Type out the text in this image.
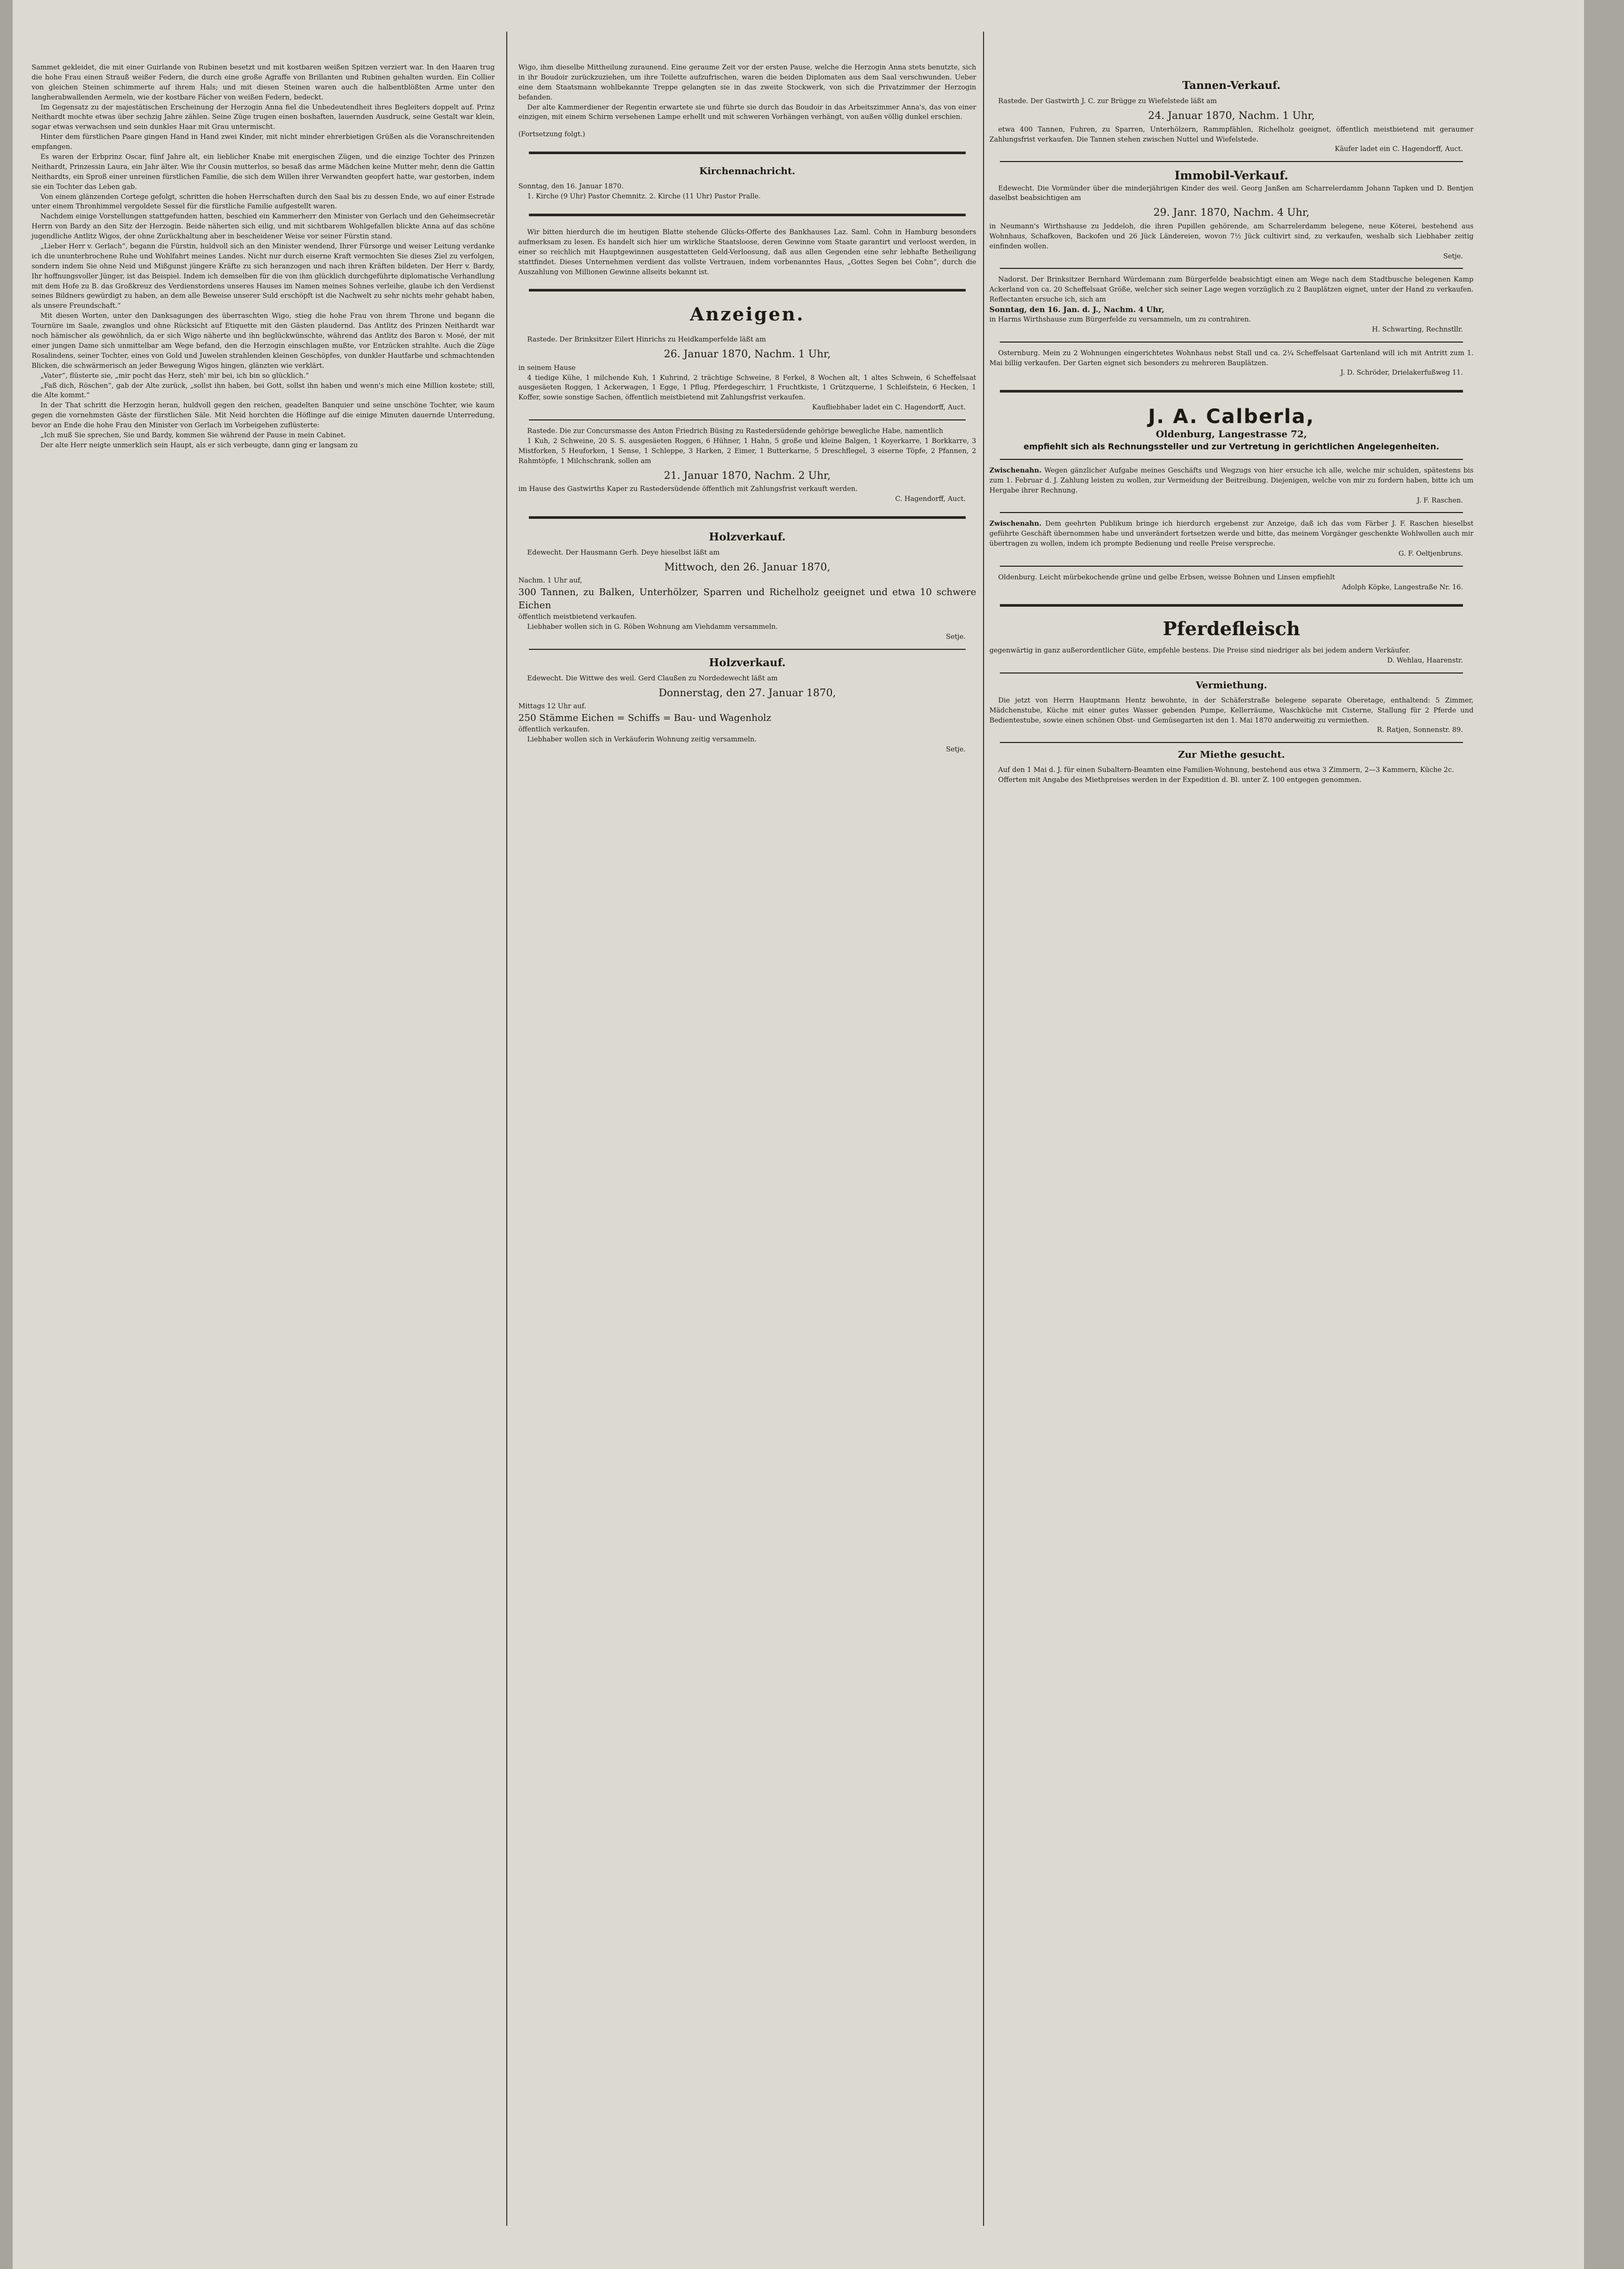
Sammet gekleidet, die mit einer Guirlande von Rubinen besetzt und mit kostbaren weißen Spitzen verziert war. In den Haaren trug die hohe Frau einen Strauß weißer Federn, die durch eine große Agraffe von Brillanten und Rubinen gehalten wurden. Ein Collier von gleichen Steinen schimmerte auf ihrem Hals; und mit diesen Steinen waren auch die halbentblößten Arme unter den langherabwallenden Aermeln, wie der kostbare Fächer von weißen Federn, bedeckt.

Im Gegensatz zu der majestätischen Erscheinung der Herzogin Anna fiel die Unbedeutendheit ihres Begleiters doppelt auf. Prinz Neithardt mochte etwas über sechzig Jahre zählen. Seine Züge trugen einen boshaften, lauernden Ausdruck, seine Gestalt war klein, sogar etwas verwachsen und sein dunkles Haar mit Grau untermischt.

Hinter dem fürstlichen Paare gingen Hand in Hand zwei Kinder, mit nicht minder ehrerbietigen Grüßen als die Voranschreitenden empfangen.

Es waren der Erbprinz Oscar, fünf Jahre alt, ein lieblicher Knabe mit energischen Zügen, und die einzige Tochter des Prinzen Neithardt, Prinzessin Laura, ein Jahr älter. Wie ihr Cousin mutterlos, so besaß das arme Mädchen keine Mutter mehr, denn die Gattin Neithardts, ein Sproß einer unreinen fürstlichen Familie, die sich dem Willen ihrer Verwandten geopfert hatte, war gestorben, indem sie ein Tochter das Leben gab.

Von einem glänzenden Cortege gefolgt, schritten die hohen Herrschaften durch den Saal bis zu dessen Ende, wo auf einer Estrade unter einem Thronhimmel vergoldete Sessel für die fürstliche Familie aufgestellt waren.

Nachdem einige Vorstellungen stattgefunden hatten, beschied ein Kammerherr den Minister von Gerlach und den Geheimsecretär Herrn von Bardy an den Sitz der Herzogin. Beide näherten sich eilig, und mit sichtbarem Wohlgefallen blickte Anna auf das schöne jugendliche Antlitz Wigos, der ohne Zurückhaltung aber in bescheidener Weise vor seiner Fürstin stand.

„Lieber Herr v. Gerlach“, begann die Fürstin, huldvoll sich an den Minister wendend, Ihrer Fürsorge und weiser Leitung verdanke ich die ununterbrochene Ruhe und Wohlfahrt meines Landes. Nicht nur durch eiserne Kraft vermochten Sie dieses Ziel zu verfolgen, sondern indem Sie ohne Neid und Mißgunst jüngere Kräfte zu sich heranzogen und nach ihren Kräften bildeten. Der Herr v. Bardy, Ihr hoffnungsvoller Jünger, ist das Beispiel. Indem ich demselben für die von ihm glücklich durchgeführte diplomatische Verhandlung mit dem Hofe zu B. das Großkreuz des Verdienstordens unseres Hauses im Namen meines Sohnes verleihe, glaube ich den Verdienst seines Bildners gewürdigt zu haben, an dem alle Beweise unserer Suld erschöpft ist die Nachwelt zu sehr nichts mehr gehabt haben, als unsere Freundschaft.“

Mit diesen Worten, unter den Danksagungen des überraschten Wigo, stieg die hohe Frau von ihrem Throne und begann die Tournüre im Saale, zwanglos und ohne Rücksicht auf Etiquette mit den Gästen plaudernd. Das Antlitz des Prinzen Neithardt war noch hämischer als gewöhnlich, da er sich Wigo näherte und ihn beglückwünschte, während das Antlitz des Baron v. Mosé, der mit einer jungen Dame sich unmittelbar am Wege befand, den die Herzogin einschlagen mußte, vor Entzücken strahlte. Auch die Züge Rosalindens, seiner Tochter, eines von Gold und Juwelen strahlenden kleinen Geschöpfes, von dunkler Hautfarbe und schmachtenden Blicken, die schwärmerisch an jeder Bewegung Wigos hingen, glänzten wie verklärt.

„Vater“, flüsterte sie, „mir pocht das Herz, steh' mir bei, ich bin so glücklich.“

„Faß dich, Röschen“, gab der Alte zurück, „sollst ihn haben, bei Gott, sollst ihn haben und wenn's mich eine Million kostete; still, die Alte kommt.“

In der That schritt die Herzogin heran, huldvoll gegen den reichen, geadelten Banquier und seine unschöne Tochter, wie kaum gegen die vornehmsten Gäste der fürstlichen Säle. Mit Neid horchten die Höflinge auf die einige Minuten dauernde Unterredung, bevor an Ende die hohe Frau den Minister von Gerlach im Vorbeigehen zuflüsterte:

„Ich muß Sie sprechen, Sie und Bardy, kommen Sie während der Pause in mein Cabinet.

Der alte Herr neigte unmerklich sein Haupt, als er sich verbeugte, dann ging er langsam zu

Wigo, ihm dieselbe Mittheilung zuraunend. Eine geraume Zeit vor der ersten Pause, welche die Herzogin Anna stets benutzte, sich in ihr Boudoir zurückzuziehen, um ihre Toilette aufzufrischen, waren die beiden Diplomaten aus dem Saal verschwunden. Ueber eine dem Staatsmann wohlbekannte Treppe gelangten sie in das zweite Stockwerk, von sich die Privatzimmer der Herzogin befanden.

Der alte Kammerdiener der Regentin erwartete sie und führte sie durch das Boudoir in das Arbeitszimmer Anna's, das von einer einzigen, mit einem Schirm versehenen Lampe erhellt und mit schweren Vorhängen verhängt, von außen völlig dunkel erschien.

(Fortsetzung folgt.)

Kirchennachricht.

Sonntag, den 16. Januar 1870.

1. Kirche (9 Uhr) Pastor Chemnitz. 2. Kirche (11 Uhr) Pastor Pralle.

Wir bitten hierdurch die im heutigen Blatte stehende Glücks-Offerte des Bankhauses Laz. Saml. Cohn in Hamburg besonders aufmerksam zu lesen. Es handelt sich hier um wirkliche Staatsloose, deren Gewinne vom Staate garantirt und verloost werden, in einer so reichlich mit Hauptgewinnen ausgestatteten Geld-Verloosung, daß aus allen Gegenden eine sehr lebhafte Betheiligung stattfindet. Dieses Unternehmen verdient das vollste Vertrauen, indem vorbenanntes Haus, „Gottes Segen bei Cohn“, durch die Auszahlung von Millionen Gewinne allseits bekannt ist.

Anzeigen.

Rastede. Der Brinksitzer Eilert Hinrichs zu Heidkamperfelde läßt am

26. Januar 1870, Nachm. 1 Uhr,

in seinem Hause

4 tiedige Kühe, 1 milchende Kuh, 1 Kuhrind, 2 trächtige Schweine, 8 Ferkel, 8 Wochen alt, 1 altes Schwein, 6 Scheffelsaat ausgesäeten Roggen, 1 Ackerwagen, 1 Egge, 1 Pflug, Pferdegeschirr, 1 Fruchtkiste, 1 Grützquerne, 1 Schleifstein, 6 Hecken, 1 Koffer, sowie sonstige Sachen, öffentlich meistbietend mit Zahlungsfrist verkaufen.

Kaufliebhaber ladet ein C. Hagendorff, Auct.

Rastede. Die zur Concursmasse des Anton Friedrich Büsing zu Rastedersüdende gehörige bewegliche Habe, namentlich

1 Kuh, 2 Schweine, 20 S. S. ausgesäeten Roggen, 6 Hühner, 1 Hahn, 5 große und kleine Balgen, 1 Koyerkarre, 1 Borkkarre, 3 Mistforken, 5 Heuforken, 1 Sense, 1 Schleppe, 3 Harken, 2 Eimer, 1 Butterkarne, 5 Dreschflegel, 3 eiserne Töpfe, 2 Pfannen, 2 Rahmtöpfe, 1 Milchschrank, sollen am

21. Januar 1870, Nachm. 2 Uhr,

im Hause des Gastwirths Kaper zu Rastedersüdende öffentlich mit Zahlungsfrist verkauft werden.

C. Hagendorff, Auct.

Holzverkauf.

Edewecht. Der Hausmann Gerh. Deye hieselbst läßt am

Mittwoch, den 26. Januar 1870,

Nachm. 1 Uhr auf,

300 Tannen, zu Balken, Unterhölzer, Sparren und Richelholz geeignet und etwa 10 schwere Eichen

öffentlich meistbietend verkaufen.

Liebhaber wollen sich in G. Röben Wohnung am Viehdamm versammeln.

Setje.

Holzverkauf.

Edewecht. Die Wittwe des weil. Gerd Claußen zu Nordedewecht läßt am

Donnerstag, den 27. Januar 1870,

Mittags 12 Uhr auf.

250 Stämme Eichen = Schiffs = Bau- und Wagenholz

öffentlich verkaufen.

Liebhaber wollen sich in Verkäuferin Wohnung zeitig versammeln.

Setje.

Tannen-Verkauf.

Rastede. Der Gastwirth J. C. zur Brügge zu Wiefelstede läßt am

24. Januar 1870, Nachm. 1 Uhr,

etwa 400 Tannen, Fuhren, zu Sparren, Unterhölzern, Rammpfählen, Richelholz geeignet, öffentlich meistbietend mit geraumer Zahlungsfrist verkaufen. Die Tannen stehen zwischen Nuttel und Wiefelstede.

Käufer ladet ein C. Hagendorff, Auct.

Immobil-Verkauf.

Edewecht. Die Vormünder über die minderjährigen Kinder des weil. Georg Janßen am Scharrelerdamm Johann Tapken und D. Bentjen daselbst beabsichtigen am

29. Janr. 1870, Nachm. 4 Uhr,

in Neumann's Wirthshause zu Jeddeloh, die ihren Pupillen gehörende, am Scharrelerdamm belegene, neue Köterei, bestehend aus Wohnhaus, Schafkoven, Backofen und 26 Jück Ländereien, wovon 7½ Jück cultivirt sind, zu verkaufen, weshalb sich Liebhaber zeitig einfinden wollen.

Setje.

Nadorst. Der Brinksitzer Bernhard Würdemann zum Bürgerfelde beabsichtigt einen am Wege nach dem Stadtbusche belegenen Kamp Ackerland von ca. 20 Scheffelsaat Größe, welcher sich seiner Lage wegen vorzüglich zu 2 Bauplätzen eignet, unter der Hand zu verkaufen. Reflectanten ersuche ich, sich am

Sonntag, den 16. Jan. d. J., Nachm. 4 Uhr,

in Harms Wirthshause zum Bürgerfelde zu versammeln, um zu contrahiren.

H. Schwarting, Rechnstllr.

Osternburg. Mein zu 2 Wohnungen eingerichtetes Wohnhaus nebst Stall und ca. 2¼ Scheffelsaat Gartenland will ich mit Antritt zum 1. Mai billig verkaufen. Der Garten eignet sich besonders zu mehreren Bauplätzen.

J. D. Schröder, Drielakerfußweg 11.

J. A. Calberla,
Oldenburg, Langestrasse 72,
empfiehlt sich als Rechnungssteller und zur Vertretung in gerichtlichen Angelegenheiten.

Zwischenahn. Wegen gänzlicher Aufgabe meines Geschäfts und Wegzugs von hier ersuche ich alle, welche mir schulden, spätestens bis zum 1. Februar d. J. Zahlung leisten zu wollen, zur Vermeidung der Beitreibung. Diejenigen, welche von mir zu fordern haben, bitte ich um Hergabe ihrer Rechnung.

J. F. Raschen.

Zwischenahn. Dem geehrten Publikum bringe ich hierdurch ergebenst zur Anzeige, daß ich das vom Färber J. F. Raschen hieselbst geführte Geschäft übernommen habe und unverändert fortsetzen werde und bitte, das meinem Vorgänger geschenkte Wohlwollen auch mir übertragen zu wollen, indem ich prompte Bedienung und reelle Preise verspreche.

G. F. Oeltjenbruns.

Oldenburg. Leicht mürbekochende grüne und gelbe Erbsen, weisse Bohnen und Linsen empfiehlt

Adolph Köpke, Langestraße Nr. 16.

Pferdefleisch

gegenwärtig in ganz außerordentlicher Güte, empfehle bestens. Die Preise sind niedriger als bei jedem andern Verkäufer.

D. Wehlau, Haarenstr.

Vermiethung.

Die jetzt von Herrn Hauptmann Hentz bewohnte, in der Schäferstraße belegene separate Oberetage, enthaltend: 5 Zimmer, Mädchenstube, Küche mit einer gutes Wasser gebenden Pumpe, Kellerräume, Waschküche mit Cisterne, Stallung für 2 Pferde und Bedientestube, sowie einen schönen Obst- und Gemüsegarten ist den 1. Mai 1870 anderweitig zu vermiethen.

R. Ratjen, Sonnenstr. 89.

Zur Miethe gesucht.

Auf den 1 Mai d. J. für einen Subaltern-Beamten eine Familien-Wohnung, bestehend aus etwa 3 Zimmern, 2—3 Kammern, Küche 2c.

Offerten mit Angabe des Miethpreises werden in der Expedition d. Bl. unter Z. 100 entgegen genommen.
